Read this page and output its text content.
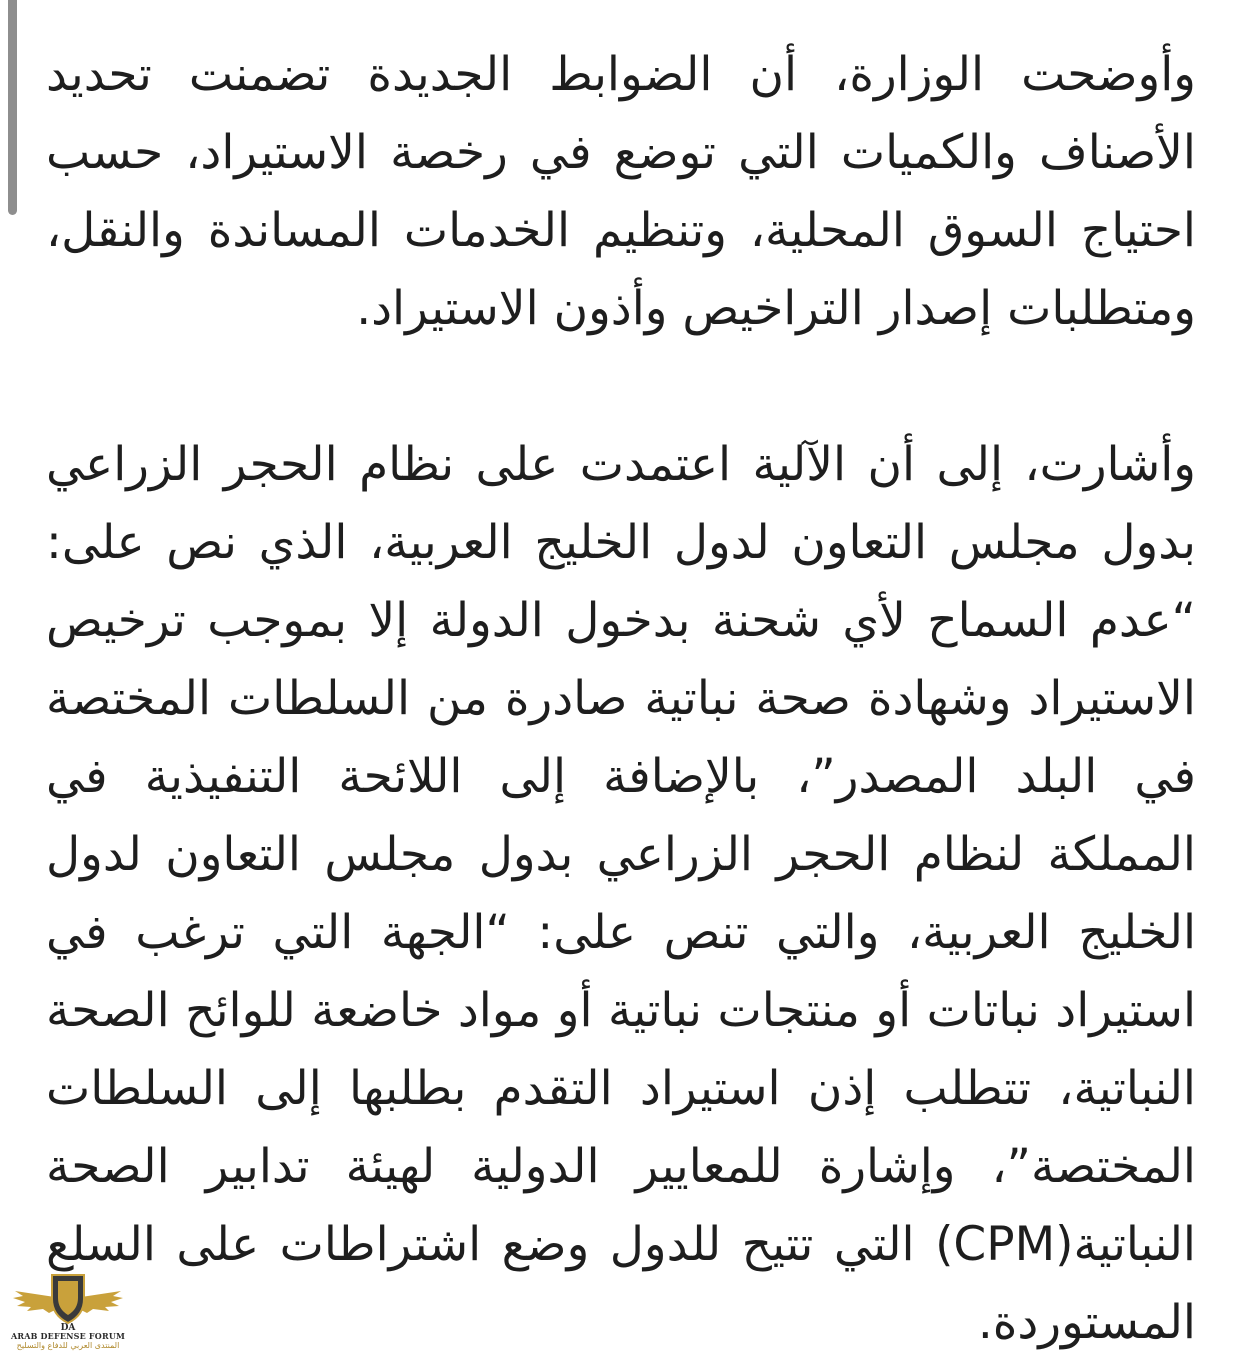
وأوضحت الوزارة، أن الضوابط الجديدة تضمنت تحديد الأصناف والكميات التي توضع في رخصة الاستيراد، حسب احتياج السوق المحلية، وتنظيم الخدمات المساندة والنقل، ومتطلبات إصدار التراخيص وأذون الاستيراد.

وأشارت، إلى أن الآلية اعتمدت على نظام الحجر الزراعي بدول مجلس التعاون لدول الخليج العربية، الذي نص على: “عدم السماح لأي شحنة بدخول الدولة إلا بموجب ترخيص الاستيراد وشهادة صحة نباتية صادرة من السلطات المختصة في البلد المصدر”، بالإضافة إلى اللائحة التنفيذية في المملكة لنظام الحجر الزراعي بدول مجلس التعاون لدول الخليج العربية، والتي تنص على: “الجهة التي ترغب في استيراد نباتات أو منتجات نباتية أو مواد خاضعة للوائح الصحة النباتية، تتطلب إذن استيراد التقدم بطلبها إلى السلطات المختصة”، وإشارة للمعايير الدولية لهيئة تدابير الصحة النباتية(CPM) التي تتيح للدول وضع اشتراطات على السلع المستوردة.

DA
ARAB DEFENSE FORUM
المنتدى العربي للدفاع والتسليح
